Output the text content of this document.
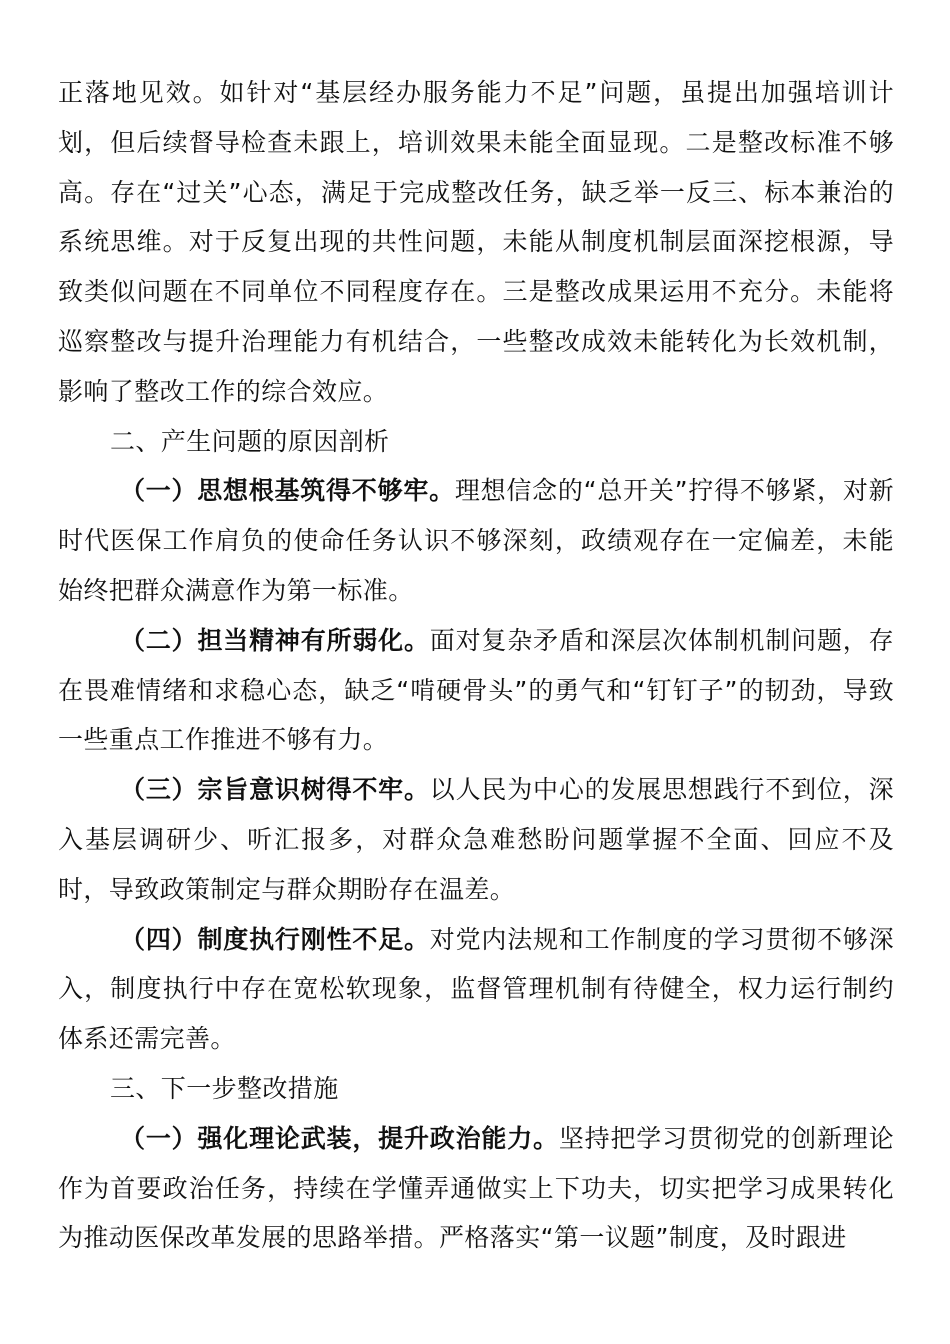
正落地见效。如针对“基层经办服务能力不足”问题，虽提出加强培训计划，但后续督导检查未跟上，培训效果未能全面显现。二是整改标准不够高。存在“过关”心态，满足于完成整改任务，缺乏举一反三、标本兼治的系统思维。对于反复出现的共性问题，未能从制度机制层面深挖根源，导致类似问题在不同单位不同程度存在。三是整改成果运用不充分。未能将巡察整改与提升治理能力有机结合，一些整改成效未能转化为长效机制，影响了整改工作的综合效应。

二、产生问题的原因剖析

（一）思想根基筑得不够牢。理想信念的“总开关”拧得不够紧，对新时代医保工作肩负的使命任务认识不够深刻，政绩观存在一定偏差，未能始终把群众满意作为第一标准。

（二）担当精神有所弱化。面对复杂矛盾和深层次体制机制问题，存在畏难情绪和求稳心态，缺乏“啃硬骨头”的勇气和“钉钉子”的韧劲，导致一些重点工作推进不够有力。

（三）宗旨意识树得不牢。以人民为中心的发展思想践行不到位，深入基层调研少、听汇报多，对群众急难愁盼问题掌握不全面、回应不及时，导致政策制定与群众期盼存在温差。

（四）制度执行刚性不足。对党内法规和工作制度的学习贯彻不够深入，制度执行中存在宽松软现象，监督管理机制有待健全，权力运行制约体系还需完善。

三、下一步整改措施

（一）强化理论武装，提升政治能力。坚持把学习贯彻党的创新理论作为首要政治任务，持续在学懂弄通做实上下功夫，切实把学习成果转化为推动医保改革发展的思路举措。严格落实“第一议题”制度，及时跟进
